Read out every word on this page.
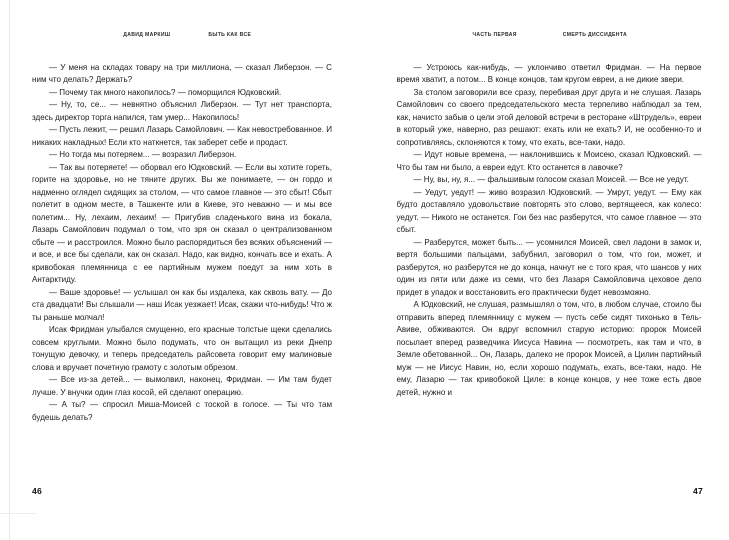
ДАВИД МАРКИШ	БЫТЬ КАК ВСЕ

— У меня на складах товару на три миллиона, — сказал Либерзон. — С ним что делать? Держать?

— Почему так много накопилось? — поморщился Юдковский.

— Ну, то, се... — невнятно объяснил Либерзон. — Тут нет транспорта, здесь директор торга напился, там умер... Накопилось!

— Пусть лежит, — решил Лазарь Самойлович. — Как невостребованное. И никаких накладных! Если кто наткнется, так заберет себе и продаст.

— Но тогда мы потеряем... — возразил Либерзон.

— Так вы потеряете! — оборвал его Юдковский. — Если вы хотите гореть, горите на здоровье, но не тяните других. Вы же понимаете, — он гордо и надменно оглядел сидящих за столом, — что самое главное — это сбыт! Сбыт полетит в одном месте, в Ташкенте или в Киеве, это неважно — и мы все полетим... Ну, лехаим, лехаим! — Пригубив сладенького вина из бокала, Лазарь Самойлович подумал о том, что зря он сказал о централизованном сбыте — и расстроился. Можно было распорядиться без всяких объяснений — и все, и все бы сделали, как он сказал. Надо, как видно, кончать все и ехать. А кривобокая племянница с ее партийным мужем поедут за ним хоть в Антарктиду.

— Ваше здоровье! — услышал он как бы издалека, как сквозь вату. — До ста двадцати! Вы слышали — наш Исак уезжает! Исак, скажи что-нибудь! Что ж ты раньше молчал!

Исак Фридман улыбался смущенно, его красные толстые щеки сделались совсем круглыми. Можно было подумать, что он вытащил из реки Днепр тонущую девочку, и теперь председатель райсовета говорит ему малиновые слова и вручает почетную грамоту с золотым обрезом.

— Все из-за детей... — вымолвил, наконец, Фридман. — Им там будет лучше. У внучки один глаз косой, ей сделают операцию.

— А ты? — спросил Миша-Моисей с тоской в голосе. — Ты что там будешь делать?

46
ЧАСТЬ ПЕРВАЯ	СМЕРТЬ ДИССИДЕНТА

— Устроюсь как-нибудь, — уклончиво ответил Фридман. — На первое время хватит, а потом... В конце концов, там кругом евреи, а не дикие звери.

За столом заговорили все сразу, перебивая друг друга и не слушая. Лазарь Самойлович со своего председательского места терпеливо наблюдал за тем, как, начисто забыв о цели этой деловой встречи в ресторане «Штрудель», евреи в который уже, наверно, раз решают: ехать или не ехать? И, не особенно-то и сопротивляясь, склоняются к тому, что ехать, все-таки, надо.

— Идут новые времена, — наклонившись к Моисею, сказал Юдковский. — Что бы там ни было, а евреи едут. Кто останется в лавочке?

— Ну, вы, ну, я... — фальшивым голосом сказал Моисей. — Все не уедут.

— Уедут, уедут! — живо возразил Юдковский. — Умрут, уедут. — Ему как будто доставляло удовольствие повторять это слово, вертящееся, как колесо: уедут. — Никого не останется. Гои без нас разберутся, что самое главное — это сбыт.

— Разберутся, может быть... — усомнился Моисей, свел ладони в замок и, вертя большими пальцами, забубнил, заговорил о том, что гои, может, и разберутся, но разберутся не до конца, начнут не с того края, что шансов у них один из пяти или даже из семи, что без Лазаря Самойловича цеховое дело придет в упадок и восстановить его практически будет невозможно.

А Юдковский, не слушая, размышлял о том, что, в любом случае, стоило бы отправить вперед племянницу с мужем — пусть себе сидят тихонько в Тель-Авиве, обживаются. Он вдруг вспомнил старую историю: пророк Моисей посылает вперед разведчика Иисуса Навина — посмотреть, как там и что, в Земле обетованной... Он, Лазарь, далеко не пророк Моисей, а Цилин партийный муж — не Иисус Навин, но, если хорошо подумать, ехать, все-таки, надо. Не ему, Лазарю — так кривобокой Циле: в конце концов, у нее тоже есть двое детей, нужно и

47
